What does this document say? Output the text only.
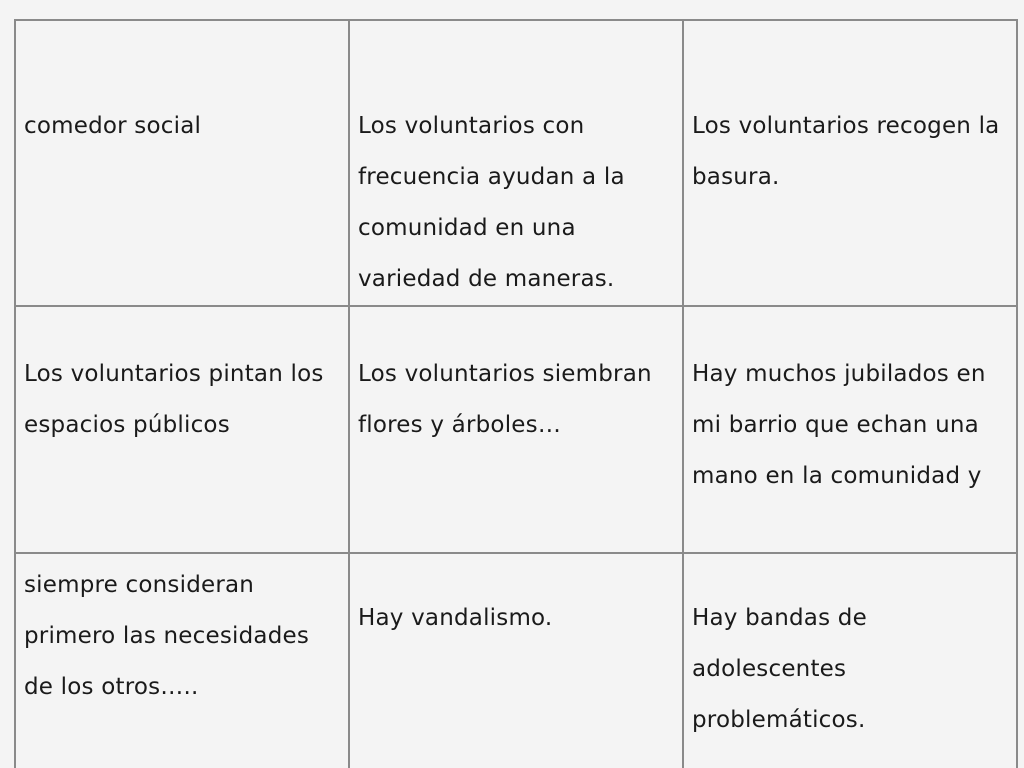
comedor social	Los voluntarios con frecuencia ayudan a la comunidad en una variedad de maneras.	Los voluntarios recogen la basura.
Los voluntarios pintan los espacios públicos	Los voluntarios siembran flores y árboles…	Hay muchos jubilados en mi barrio que echan una mano en la comunidad y
siempre consideran primero las necesidades de los otros…..	Hay vandalismo.	Hay bandas de adolescentes problemáticos.
